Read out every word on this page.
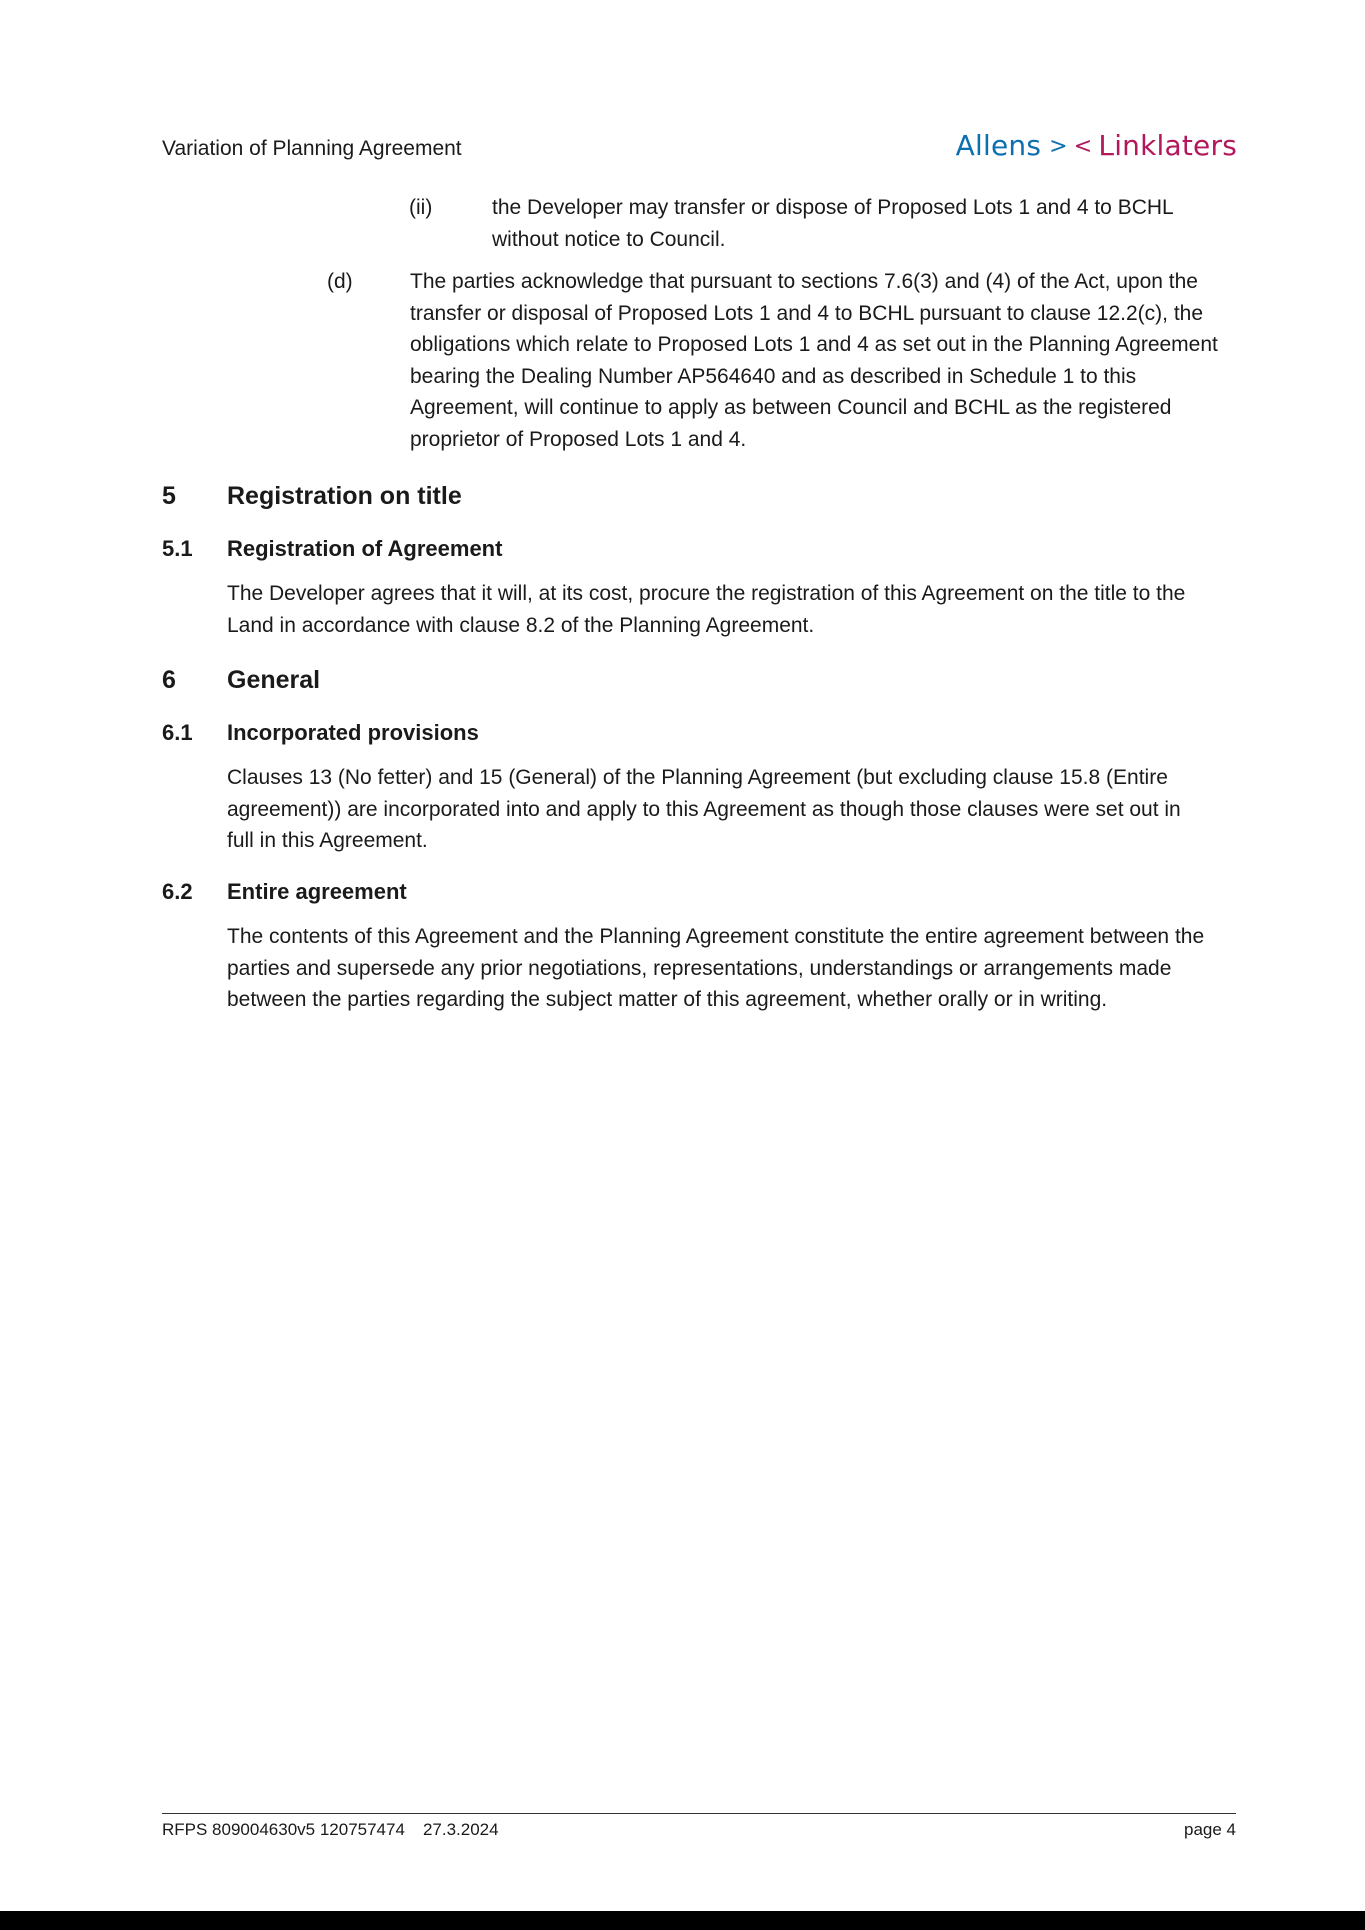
Variation of Planning Agreement	Allens > < Linklaters
(ii)	the Developer may transfer or dispose of Proposed Lots 1 and 4 to BCHL without notice to Council.
(d)	The parties acknowledge that pursuant to sections 7.6(3) and (4) of the Act, upon the transfer or disposal of Proposed Lots 1 and 4 to BCHL pursuant to clause 12.2(c), the obligations which relate to Proposed Lots 1 and 4 as set out in the Planning Agreement bearing the Dealing Number AP564640 and as described in Schedule 1 to this Agreement, will continue to apply as between Council and BCHL as the registered proprietor of Proposed Lots 1 and 4.
5 Registration on title
5.1 Registration of Agreement
The Developer agrees that it will, at its cost, procure the registration of this Agreement on the title to the Land in accordance with clause 8.2 of the Planning Agreement.
6 General
6.1 Incorporated provisions
Clauses 13 (No fetter) and 15 (General) of the Planning Agreement (but excluding clause 15.8 (Entire agreement)) are incorporated into and apply to this Agreement as though those clauses were set out in full in this Agreement.
6.2 Entire agreement
The contents of this Agreement and the Planning Agreement constitute the entire agreement between the parties and supersede any prior negotiations, representations, understandings or arrangements made between the parties regarding the subject matter of this agreement, whether orally or in writing.
RFPS 809004630v5 120757474 27.3.2024	page 4
